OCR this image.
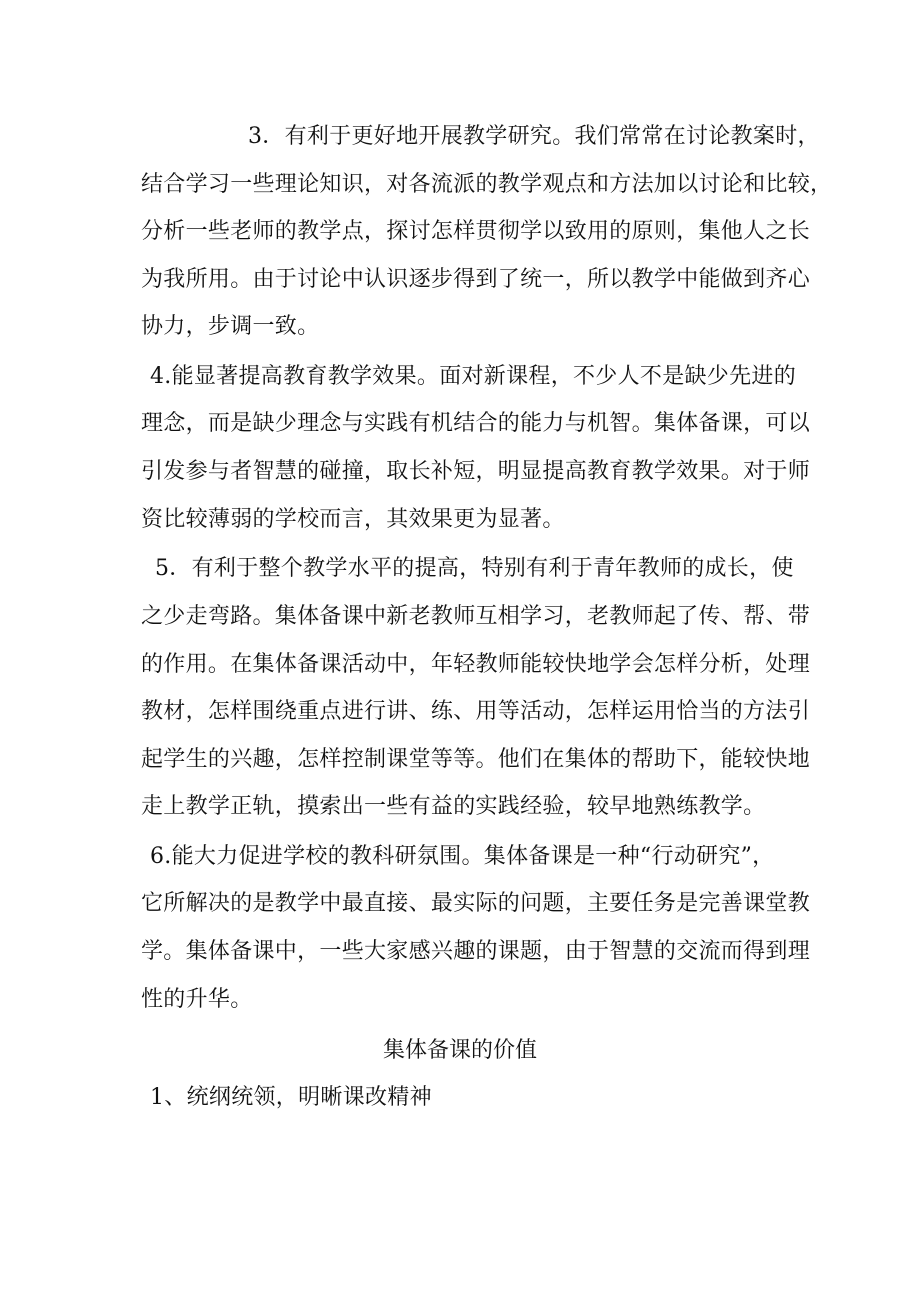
3．有利于更好地开展教学研究。我们常常在讨论教案时，
结合学习一些理论知识，对各流派的教学观点和方法加以讨论和比较，
分析一些老师的教学点，探讨怎样贯彻学以致用的原则，集他人之长
为我所用。由于讨论中认识逐步得到了统一，所以教学中能做到齐心
协力，步调一致。
4.能显著提高教育教学效果。面对新课程，不少人不是缺少先进的
理念，而是缺少理念与实践有机结合的能力与机智。集体备课，可以
引发参与者智慧的碰撞，取长补短，明显提高教育教学效果。对于师
资比较薄弱的学校而言，其效果更为显著。
5．有利于整个教学水平的提高，特别有利于青年教师的成长，使
之少走弯路。集体备课中新老教师互相学习，老教师起了传、帮、带
的作用。在集体备课活动中，年轻教师能较快地学会怎样分析，处理
教材，怎样围绕重点进行讲、练、用等活动，怎样运用恰当的方法引
起学生的兴趣，怎样控制课堂等等。他们在集体的帮助下，能较快地
走上教学正轨，摸索出一些有益的实践经验，较早地熟练教学。
6.能大力促进学校的教科研氛围。集体备课是一种“行动研究”，
它所解决的是教学中最直接、最实际的问题，主要任务是完善课堂教
学。集体备课中，一些大家感兴趣的课题，由于智慧的交流而得到理
性的升华。
集体备课的价值
1、统纲统领，明晰课改精神
